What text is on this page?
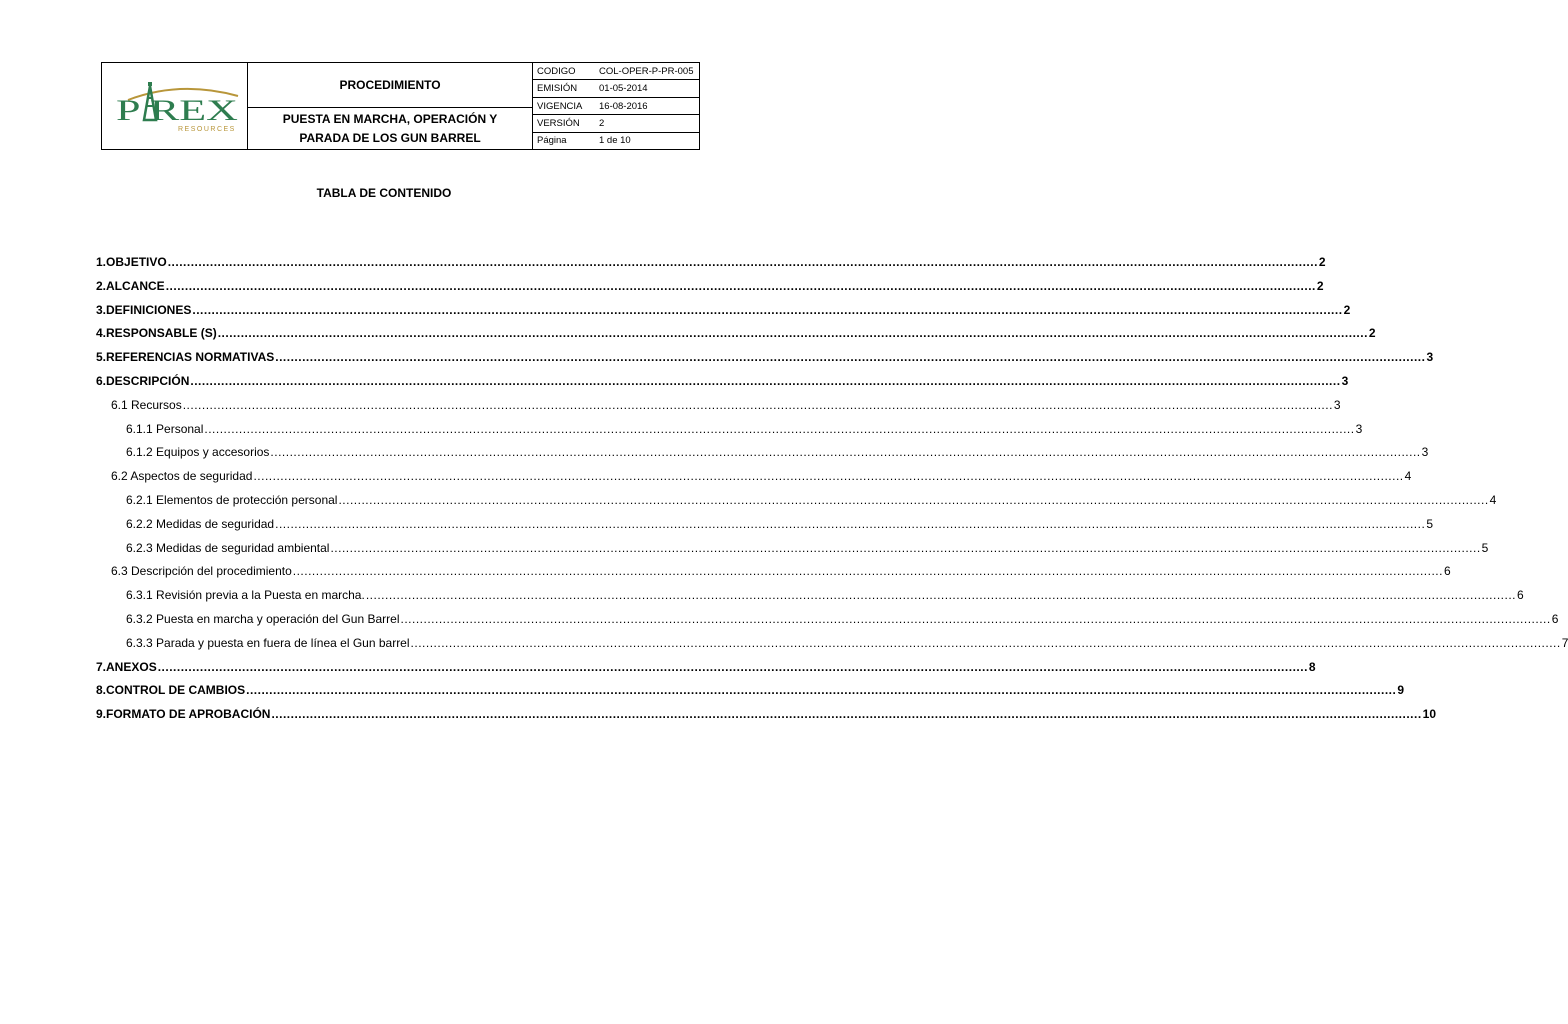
P REX
RESOURCES
PROCEDIMIENTO
PUESTA EN MARCHA, OPERACIÓN Y
PARADA DE LOS GUN BARREL
CODIGO	COL-OPER-P-PR-005
EMISIÓN	01-05-2014
VIGENCIA	16-08-2016
VERSIÓN	2
Página	1 de 10
TABLA DE CONTENIDO
1. OBJETIVO ............................................................................................................................................................................................................................................................................................................ 2
2. ALCANCE ............................................................................................................................................................................................................................................................................................................ 2
3. DEFINICIONES ............................................................................................................................................................................................................................................................................................................ 2
4. RESPONSABLE (S) ............................................................................................................................................................................................................................................................................................................ 2
5. REFERENCIAS NORMATIVAS ............................................................................................................................................................................................................................................................................................................ 3
6. DESCRIPCIÓN ............................................................................................................................................................................................................................................................................................................ 3
6.1 Recursos ............................................................................................................................................................................................................................................................................................................ 3
6.1.1 Personal ............................................................................................................................................................................................................................................................................................................ 3
6.1.2 Equipos y accesorios ............................................................................................................................................................................................................................................................................................................ 3
6.2 Aspectos de seguridad ............................................................................................................................................................................................................................................................................................................ 4
6.2.1 Elementos de protección personal ............................................................................................................................................................................................................................................................................................................ 4
6.2.2 Medidas de seguridad ............................................................................................................................................................................................................................................................................................................ 5
6.2.3 Medidas de seguridad ambiental ............................................................................................................................................................................................................................................................................................................ 5
6.3 Descripción del procedimiento ............................................................................................................................................................................................................................................................................................................ 6
6.3.1 Revisión previa a la Puesta en marcha. ............................................................................................................................................................................................................................................................................................................ 6
6.3.2 Puesta en marcha y operación del Gun Barrel ............................................................................................................................................................................................................................................................................................................ 6
6.3.3 Parada y puesta en fuera de línea el Gun barrel ............................................................................................................................................................................................................................................................................................................ 7
7. ANEXOS ............................................................................................................................................................................................................................................................................................................ 8
8. CONTROL DE CAMBIOS ............................................................................................................................................................................................................................................................................................................ 9
9. FORMATO DE APROBACIÓN ............................................................................................................................................................................................................................................................................................................ 10
